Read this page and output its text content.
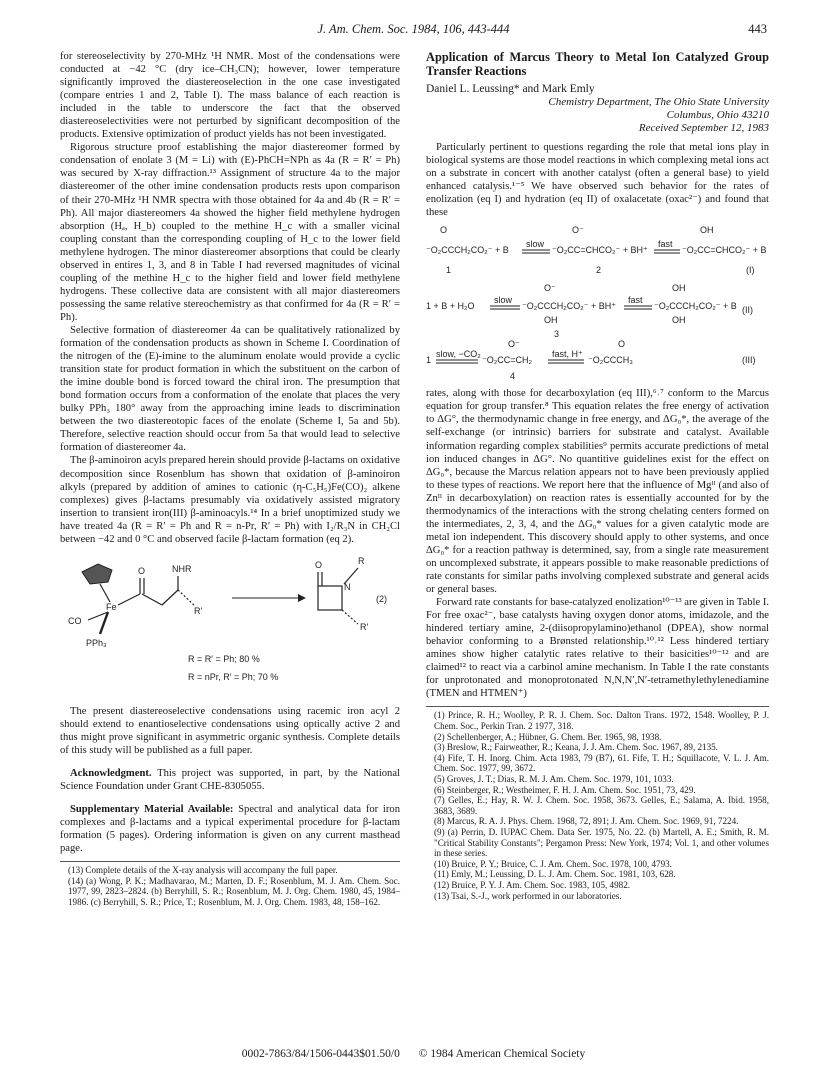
J. Am. Chem. Soc. 1984, 106, 443-444	443

for stereoselectivity by 270-MHz ¹H NMR. Most of the condensations were conducted at −42 °C (dry ice–CH₃CN); however, lower temperature significantly improved the diastereoselection in the one case investigated (compare entries 1 and 2, Table I). The mass balance of each reaction is included in the table to underscore the fact that the observed diastereoselectivities were not perturbed by significant decomposition of the products. Extensive optimization of product yields has not been investigated.

Rigorous structure proof establishing the major diastereomer formed by condensation of enolate 3 (M = Li) with (E)-PhCH=NPh as 4a (R = R′ = Ph) was secured by X-ray diffraction.¹³ Assignment of structure 4a to the major diastereomer of the other imine condensation products rests upon comparison of their 270-MHz ¹H NMR spectra with those obtained for 4a and 4b (R = R′ = Ph). All major diastereomers 4a showed the higher field methylene hydrogen absorption (Hₐ, H_b) coupled to the methine H_c with a smaller vicinal coupling constant than the corresponding coupling of H_c to the lower field methylene hydrogen. The minor diastereomer absorptions that could be clearly observed in entires 1, 3, and 8 in Table I had reversed magnitudes of vicinal coupling of the methine H_c to the higher field and lower field methylene hydrogens. These collective data are consistent with all major diastereomers possessing the same relative stereochemistry as that confirmed for 4a (R = R′ = Ph).

Selective formation of diastereomer 4a can be qualitatively rationalized by formation of the condensation products as shown in Scheme I. Coordination of the nitrogen of the (E)-imine to the aluminum enolate would provide a cyclic transition state for product formation in which the substituent on the carbon of the imine double bond is forced toward the chiral iron. The presumption that bond formation occurs from a conformation of the enolate that places the very bulky PPh₃ 180° away from the approaching imine leads to discrimination between the two diastereotopic faces of the enolate (Scheme I, 5a and 5b). Therefore, selective reaction should occur from 5a that would lead to selective formation of diastereomer 4a.

The β-aminoiron acyls prepared herein should provide β-lactams on oxidative decomposition since Rosenblum has shown that oxidation of β-aminoiron alkyls (prepared by addition of amines to cationic (η-C₅H₅)Fe(CO)₂ alkene complexes) gives β-lactams presumably via oxidatively assisted migratory insertion to transient iron(III) β-aminoacyls.¹⁴ In a brief unoptimized study we have treated 4a (R = R′ = Ph and R = n-Pr, R′ = Ph) with I₂/R₃N in CH₂Cl between −42 and 0 °C and observed facile β-lactam formation (eq 2).

Fe
O	NHR
R′
CO
PPh₃
O
N
R
R′
(2)
R = R′ = Ph; 80 %
R = nPr, R′ = Ph; 70 %

The present diastereoselective condensations using racemic iron acyl 2 should extend to enantioselective condensations using optically active 2 and thus might prove significant in asymmetric organic synthesis. Complete details of this study will be published as a full paper.

Acknowledgment. This project was supported, in part, by the National Science Foundation under Grant CHE-8305055.

Supplementary Material Available: Spectral and analytical data for iron complexes and β-lactams and a typical experimental procedure for β-lactam formation (5 pages). Ordering information is given on any current masthead page.

(13) Complete details of the X-ray analysis will accompany the full paper.

(14) (a) Wong, P. K.; Madhavarao, M.; Marten, D. F.; Rosenblum, M. J. Am. Chem. Soc. 1977, 99, 2823–2824. (b) Berryhill, S. R.; Rosenblum, M. J. Org. Chem. 1980, 45, 1984–1986. (c) Berryhill, S. R.; Price, T.; Rosenblum, M. J. Org. Chem. 1983, 48, 158–162.

Application of Marcus Theory to Metal Ion Catalyzed Group Transfer Reactions

Daniel L. Leussing* and Mark Emly

Chemistry Department, The Ohio State University

Columbus, Ohio 43210

Received September 12, 1983

Particularly pertinent to questions regarding the role that metal ions play in biological systems are those model reactions in which complexing metal ions act on a substrate in concert with another catalyst (often a general base) to yield enhanced catalysis.¹⁻⁵ We have observed such behavior for the rates of enolization (eq I) and hydration (eq II) of oxalacetate (oxac²⁻) and found that these

O	O⁻	OH
⁻O₂CCCH₂CO₂⁻ + B
slow
⁻O₂CC=CHCO₂⁻ + BH⁺
fast
⁻O₂CC=CHCO₂⁻ + B
1	2	(I)
O⁻	OH
1 + B + H₂O
slow
⁻O₂CCCH₂CO₂⁻ + BH⁺
fast
⁻O₂CCCH₂CO₂⁻ + B
OH	OH
3
(II)
O⁻	O
1
slow, −CO₂
⁻O₂CC=CH₂
fast, H⁺
⁻O₂CCCH₃
4
(III)

rates, along with those for decarboxylation (eq III),⁶˒⁷ conform to the Marcus equation for group transfer.⁸ This equation relates the free energy of activation to ΔG°, the thermodynamic change in free energy, and ΔG₀*, the average of the self-exchange (or intrinsic) barriers for substrate and catalyst. Available information regarding complex stabilities⁹ permits accurate predictions of metal ion induced changes in ΔG°. No quantitive guidelines exist for the effect on ΔG₀*, because the Marcus relation appears not to have been previously applied to these types of reactions. We report here that the influence of Mgᴵᴵ (and also of Znᴵᴵ in decarboxylation) on reaction rates is essentially accounted for by the thermodynamics of the interactions with the strong chelating centers formed on the intermediates, 2, 3, 4, and the ΔG₀* values for a given catalytic mode are metal ion independent. This discovery should apply to other systems, and once ΔG₀* for a reaction pathway is determined, say, from a single rate measurement on uncomplexed substrate, it appears possible to make reasonable predictions of rate constants for similar paths involving complexed substrate and general acids or general bases.

Forward rate constants for base-catalyzed enolization¹⁰⁻¹³ are given in Table I. For free oxac²⁻, base catalysts having oxygen donor atoms, imidazole, and the hindered tertiary amine, 2-(diisopropylamino)ethanol (DPEA), show normal behavior conforming to a Brønsted relationship.¹⁰˒¹² Less hindered tertiary amines show higher catalytic rates relative to their basicities¹⁰⁻¹² and are claimed¹² to react via a carbinol amine mechanism. In Table I the rate constants for unprotonated and monoprotonated N,N,N′,N′-tetramethylethylenediamine (TMEN and HTMEN⁺)

(1) Prince, R. H.; Woolley, P. R. J. Chem. Soc. Dalton Trans. 1972, 1548. Woolley, P. J. Chem. Soc., Perkin Tran. 2 1977, 318.

(2) Schellenberger, A.; Hübner, G. Chem. Ber. 1965, 98, 1938.

(3) Breslow, R.; Fairweather, R.; Keana, J. J. Am. Chem. Soc. 1967, 89, 2135.

(4) Fife, T. H. Inorg. Chim. Acta 1983, 79 (B7), 61. Fife, T. H.; Squillacote, V. L. J. Am. Chem. Soc. 1977, 99, 3672.

(5) Groves, J. T.; Dias, R. M. J. Am. Chem. Soc. 1979, 101, 1033.

(6) Steinberger, R.; Westheimer, F. H. J. Am. Chem. Soc. 1951, 73, 429.

(7) Gelles, E.; Hay, R. W. J. Chem. Soc. 1958, 3673. Gelles, E.; Salama, A. Ibid. 1958, 3683, 3689.

(8) Marcus, R. A. J. Phys. Chem. 1968, 72, 891; J. Am. Chem. Soc. 1969, 91, 7224.

(9) (a) Perrin, D. IUPAC Chem. Data Ser. 1975, No. 22. (b) Martell, A. E.; Smith, R. M. "Critical Stability Constants"; Pergamon Press: New York, 1974; Vol. 1, and other volumes in these series.

(10) Bruice, P. Y.; Bruice, C. J. Am. Chem. Soc. 1978, 100, 4793.

(11) Emly, M.; Leussing, D. L. J. Am. Chem. Soc. 1981, 103, 628.

(12) Bruice, P. Y. J. Am. Chem. Soc. 1983, 105, 4982.

(13) Tsai, S.-J., work performed in our laboratories.

0002-7863/84/1506-0443$01.50/0 © 1984 American Chemical Society
